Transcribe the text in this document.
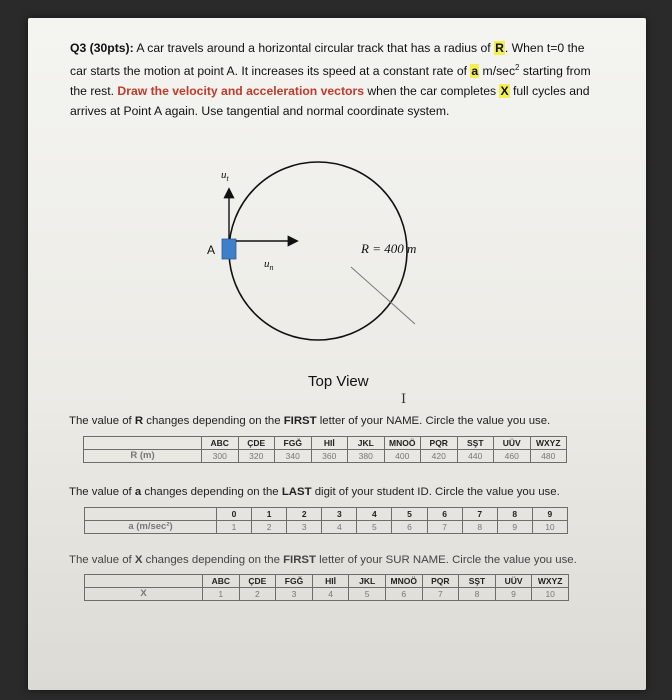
Q3 (30pts): A car travels around a horizontal circular track that has a radius of R. When t=0 the car starts the motion at point A. It increases its speed at a constant rate of a $m/\sec^2$ starting from the rest. Draw the velocity and acceleration vectors when the car completes X full cycles and arrives at Point A again. Use tangential and normal coordinate system.
A	R = 400 m
$u_t$
$u_n$
Top View
I
The value of R changes depending on the FIRST letter of your NAME. Circle the value you use.
	ABC	ÇDE	FGĞ	HIİ	JKL	MNOÖ	PQR	SŞT	UÜV	WXYZ
R (m)	300	320	340	360	380	400	420	440	460	480
The value of a changes depending on the LAST digit of your student ID. Circle the value you use.
	0	1	2	3	4	5	6	7	8	9
a (m/sec²)	1	2	3	4	5	6	7	8	9	10
The value of X changes depending on the FIRST letter of your SUR NAME. Circle the value you use.
	ABC	ÇDE	FGĞ	HIİ	JKL	MNOÖ	PQR	SŞT	UÜV	WXYZ
X	1	2	3	4	5	6	7	8	9	10
